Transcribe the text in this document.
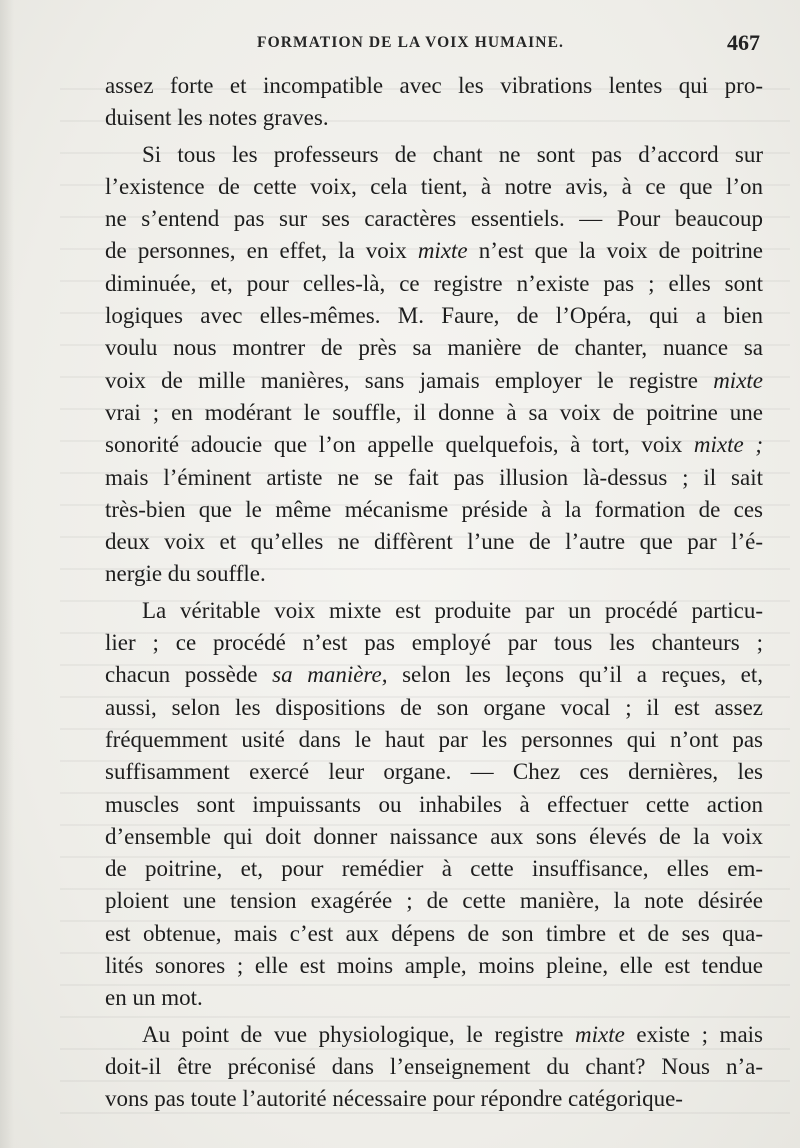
FORMATION DE LA VOIX HUMAINE.	467
assez forte et incompatible avec les vibrations lentes qui pro-
duisent les notes graves.
Si tous les professeurs de chant ne sont pas d’accord sur
l’existence de cette voix, cela tient, à notre avis, à ce que l’on
ne s’entend pas sur ses caractères essentiels. — Pour beaucoup
de personnes, en effet, la voix mixte n’est que la voix de poitrine
diminuée, et, pour celles-là, ce registre n’existe pas ; elles sont
logiques avec elles-mêmes. M. Faure, de l’Opéra, qui a bien
voulu nous montrer de près sa manière de chanter, nuance sa
voix de mille manières, sans jamais employer le registre mixte
vrai ; en modérant le souffle, il donne à sa voix de poitrine une
sonorité adoucie que l’on appelle quelquefois, à tort, voix mixte ;
mais l’éminent artiste ne se fait pas illusion là-dessus ; il sait
très-bien que le même mécanisme préside à la formation de ces
deux voix et qu’elles ne diffèrent l’une de l’autre que par l’é-
nergie du souffle.
La véritable voix mixte est produite par un procédé particu-
lier ; ce procédé n’est pas employé par tous les chanteurs ;
chacun possède sa manière, selon les leçons qu’il a reçues, et,
aussi, selon les dispositions de son organe vocal ; il est assez
fréquemment usité dans le haut par les personnes qui n’ont pas
suffisamment exercé leur organe. — Chez ces dernières, les
muscles sont impuissants ou inhabiles à effectuer cette action
d’ensemble qui doit donner naissance aux sons élevés de la voix
de poitrine, et, pour remédier à cette insuffisance, elles em-
ploient une tension exagérée ; de cette manière, la note désirée
est obtenue, mais c’est aux dépens de son timbre et de ses qua-
lités sonores ; elle est moins ample, moins pleine, elle est tendue
en un mot.
Au point de vue physiologique, le registre mixte existe ; mais
doit-il être préconisé dans l’enseignement du chant? Nous n’a-
vons pas toute l’autorité nécessaire pour répondre catégorique-
